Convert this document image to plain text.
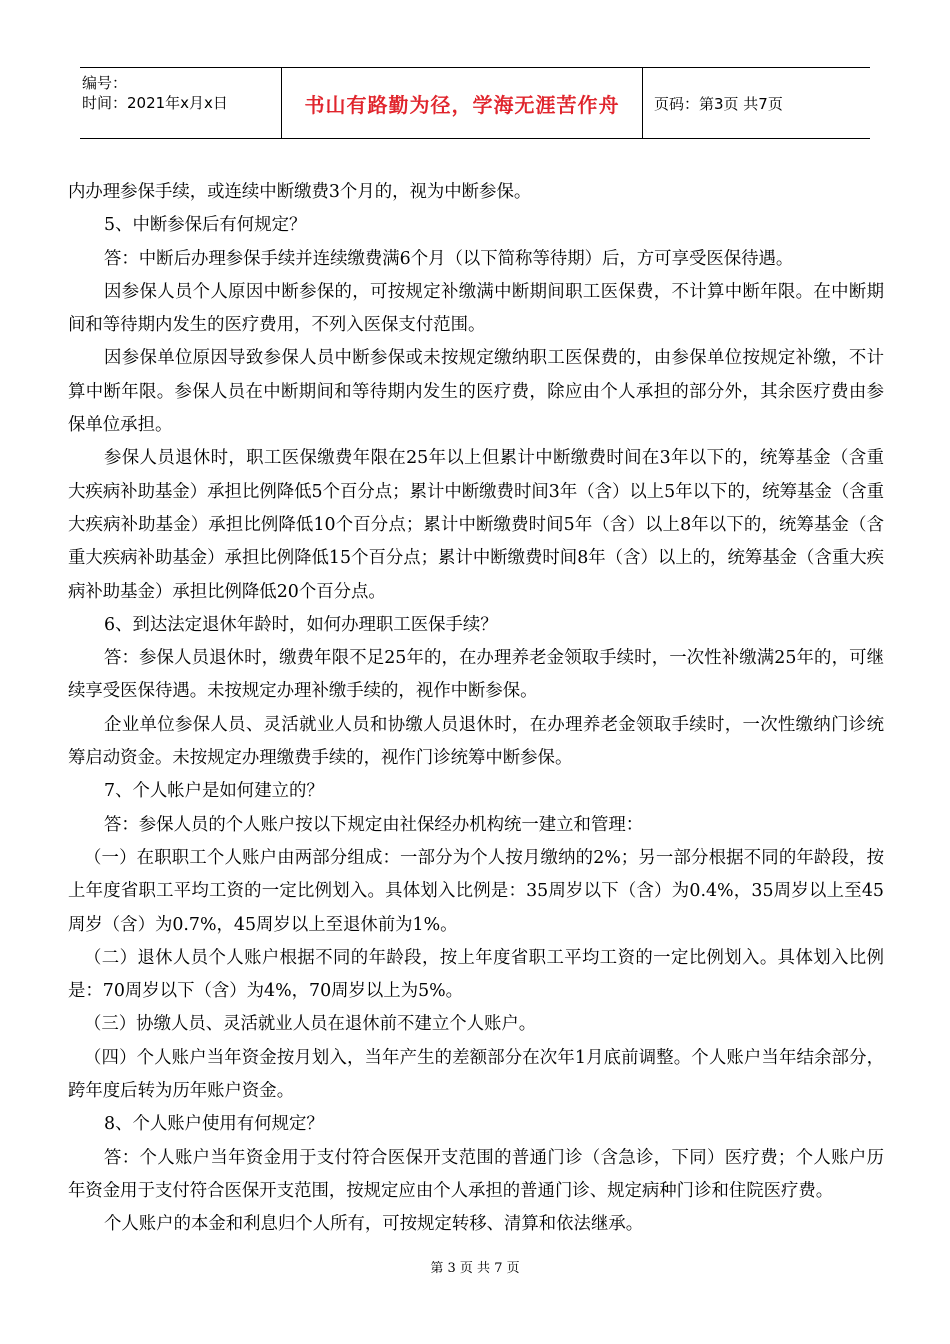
编号：
时间：2021年x月x日	书山有路勤为径，学海无涯苦作舟 页码：第3页 共7页

内办理参保手续，或连续中断缴费3个月的，视为中断参保。

5、中断参保后有何规定？

答：中断后办理参保手续并连续缴费满6个月（以下简称等待期）后，方可享受医保待遇。

因参保人员个人原因中断参保的，可按规定补缴满中断期间职工医保费，不计算中断年限。在中断期间和等待期内发生的医疗费用，不列入医保支付范围。

因参保单位原因导致参保人员中断参保或未按规定缴纳职工医保费的，由参保单位按规定补缴，不计算中断年限。参保人员在中断期间和等待期内发生的医疗费，除应由个人承担的部分外，其余医疗费由参保单位承担。

参保人员退休时，职工医保缴费年限在25年以上但累计中断缴费时间在3年以下的，统筹基金（含重大疾病补助基金）承担比例降低5个百分点；累计中断缴费时间3年（含）以上5年以下的，统筹基金（含重大疾病补助基金）承担比例降低10个百分点；累计中断缴费时间5年（含）以上8年以下的，统筹基金（含重大疾病补助基金）承担比例降低15个百分点；累计中断缴费时间8年（含）以上的，统筹基金（含重大疾病补助基金）承担比例降低20个百分点。

6、到达法定退休年龄时，如何办理职工医保手续？

答：参保人员退休时，缴费年限不足25年的，在办理养老金领取手续时，一次性补缴满25年的，可继续享受医保待遇。未按规定办理补缴手续的，视作中断参保。

企业单位参保人员、灵活就业人员和协缴人员退休时，在办理养老金领取手续时，一次性缴纳门诊统筹启动资金。未按规定办理缴费手续的，视作门诊统筹中断参保。

7、个人帐户是如何建立的？

答：参保人员的个人账户按以下规定由社保经办机构统一建立和管理：

（一）在职职工个人账户由两部分组成：一部分为个人按月缴纳的2%；另一部分根据不同的年龄段，按上年度省职工平均工资的一定比例划入。具体划入比例是：35周岁以下（含）为0.4%，35周岁以上至45周岁（含）为0.7%，45周岁以上至退休前为1%。

（二）退休人员个人账户根据不同的年龄段，按上年度省职工平均工资的一定比例划入。具体划入比例是：70周岁以下（含）为4%，70周岁以上为5%。

（三）协缴人员、灵活就业人员在退休前不建立个人账户。

（四）个人账户当年资金按月划入，当年产生的差额部分在次年1月底前调整。个人账户当年结余部分，跨年度后转为历年账户资金。

8、个人账户使用有何规定？

答：个人账户当年资金用于支付符合医保开支范围的普通门诊（含急诊，下同）医疗费；个人账户历年资金用于支付符合医保开支范围，按规定应由个人承担的普通门诊、规定病种门诊和住院医疗费。

个人账户的本金和利息归个人所有，可按规定转移、清算和依法继承。

第 3 页 共 7 页
